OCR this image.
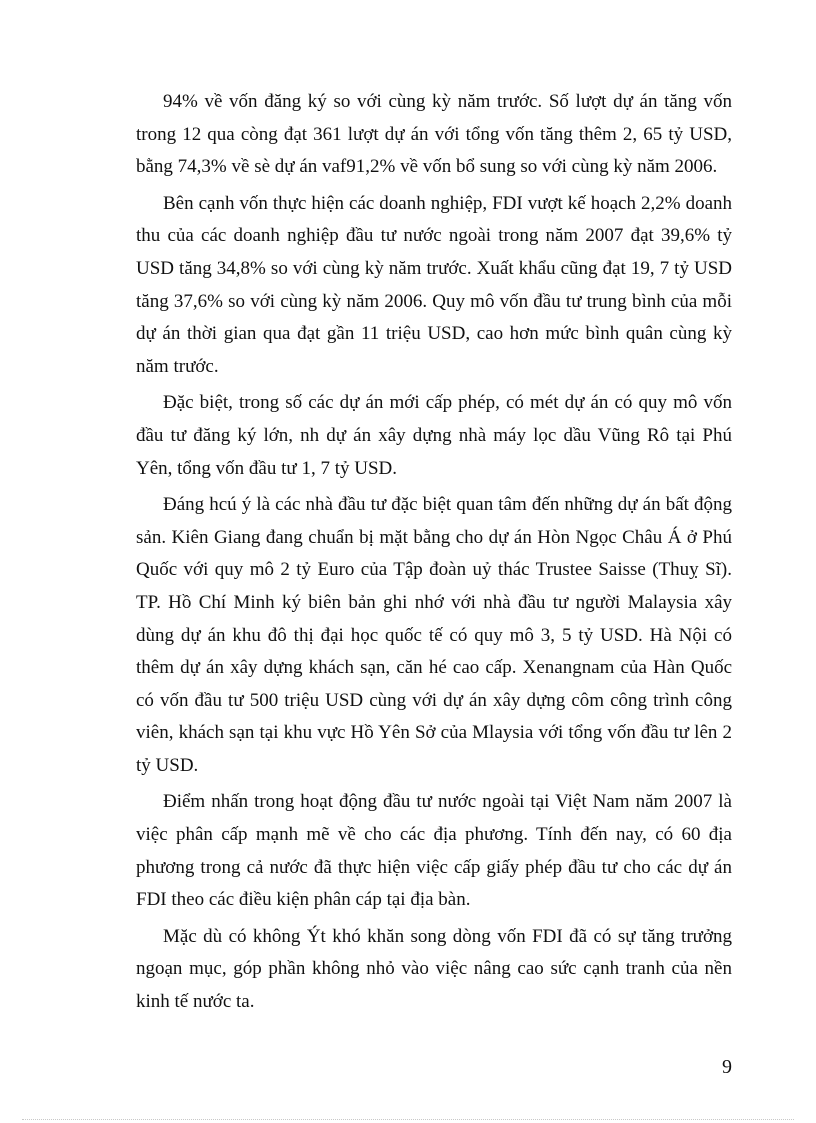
94% về vốn đăng ký so với cùng kỳ năm trước. Số lượt dự án tăng vốn trong 12 qua còng đạt 361 lượt dự án với tổng vốn tăng thêm 2, 65 tỷ USD, bằng 74,3% về sè dự án vaf91,2% về vốn bổ sung so với cùng kỳ năm 2006.

Bên cạnh vốn thực hiện các doanh nghiệp, FDI vượt kế hoạch 2,2% doanh thu của các doanh nghiệp đầu tư nước ngoài trong năm 2007 đạt 39,6% tỷ USD tăng 34,8% so với cùng kỳ năm trước. Xuất khẩu cũng đạt 19, 7 tỷ USD tăng 37,6% so với cùng kỳ năm 2006. Quy mô vốn đầu tư trung bình của mỗi dự án thời gian qua đạt gần 11 triệu USD, cao hơn mức bình quân cùng kỳ năm trước.

Đặc biệt, trong số các dự án mới cấp phép, có mét dự án có quy mô vốn đầu tư đăng ký lớn, nh dự án xây dựng nhà máy lọc dầu Vũng Rô tại Phú Yên, tổng vốn đầu tư 1, 7 tỷ USD.

Đáng hcú ý là các nhà đầu tư đặc biệt quan tâm đến những dự án bất động sản. Kiên Giang đang chuẩn bị mặt bằng cho dự án Hòn Ngọc Châu Á ở Phú Quốc với quy mô 2 tỷ Euro của Tập đoàn uỷ thác Trustee Saisse (Thuỵ Sĩ). TP. Hồ Chí Minh ký biên bản ghi nhớ với nhà đầu tư người Malaysia xây dùng dự án khu đô thị đại học quốc tế có quy mô 3, 5 tỷ USD. Hà Nội có thêm dự án xây dựng khách sạn, căn hé cao cấp. Xenangnam của Hàn Quốc có vốn đầu tư 500 triệu USD cùng với dự án xây dựng côm công trình công viên, khách sạn tại khu vực Hồ Yên Sở của Mlaysia với tổng vốn đầu tư lên 2 tỷ USD.

Điểm nhấn trong hoạt động đầu tư nước ngoài tại Việt Nam năm 2007 là việc phân cấp mạnh mẽ về cho các địa phương. Tính đến nay, có 60 địa phương trong cả nước đã thực hiện việc cấp giấy phép đầu tư cho các dự án FDI theo các điều kiện phân cáp tại địa bàn.

Mặc dù có không Ýt khó khăn song dòng vốn FDI đã có sự tăng trưởng ngoạn mục, góp phần không nhỏ vào việc nâng cao sức cạnh tranh của nền kinh tế nước ta.

9
